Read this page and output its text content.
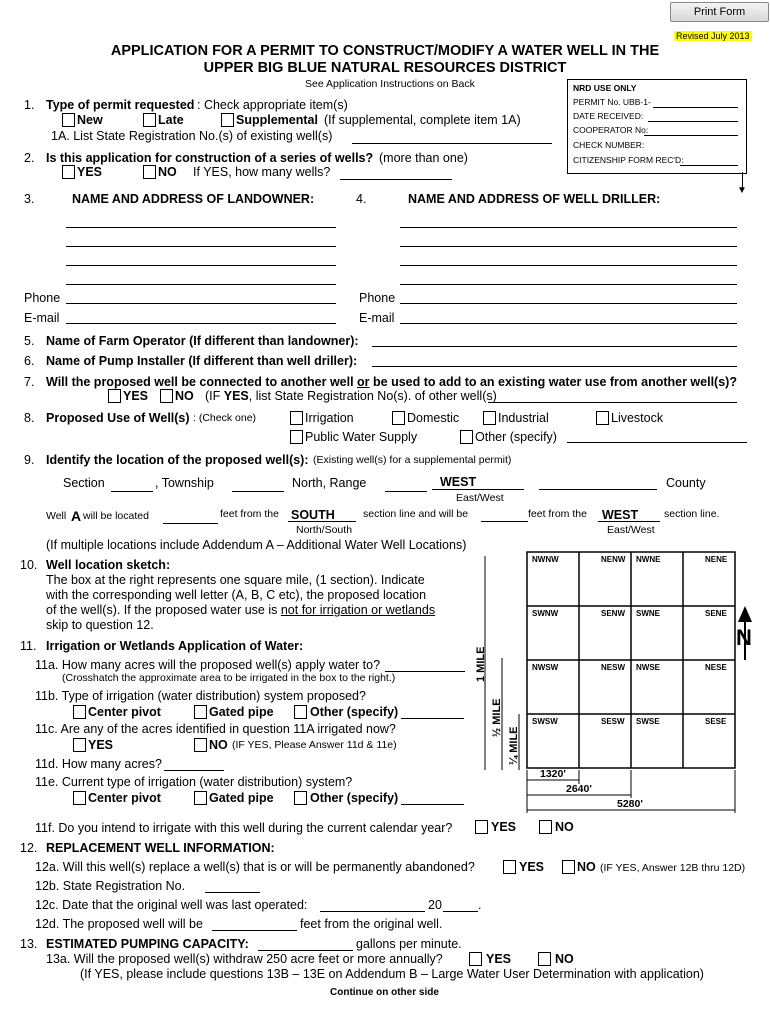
Print Form
Revised July 2013
APPLICATION FOR A PERMIT TO CONSTRUCT/MODIFY A WATER WELL IN THE
UPPER BIG BLUE NATURAL RESOURCES DISTRICT
See Application Instructions on Back	NRD USE ONLY
PERMIT No. UBB-1-
DATE RECEIVED:
COOPERATOR No:
CHECK NUMBER:
CITIZENSHIP FORM REC'D:
▼
1. Type of permit requested : Check appropriate item(s)
New	Late	Supplemental (If supplemental, complete item 1A)
1A. List State Registration No.(s) of existing well(s)
2. Is this application for construction of a series of wells? (more than one)
YES	NO If YES, how many wells?
3.	NAME AND ADDRESS OF LANDOWNER:	4.	NAME AND ADDRESS OF WELL DRILLER:
Phone
E-mail
Phone
E-mail
5. Name of Farm Operator (If different than landowner):
6. Name of Pump Installer (If different than well driller):
7. Will the proposed well be connected to another well or be used to add to an existing water use from another well(s)?
YES NO (IF YES, list State Registration No(s). of other well(s)
8. Proposed Use of Well(s) : (Check one)	Irrigation	Domestic	Industrial	Livestock
Public Water Supply	Other (specify)
9. Identify the location of the proposed well(s): (Existing well(s) for a supplemental permit)
Section	, Township	North, Range	WEST
East/West
County
Well A will be located	feet from the SOUTH
North/South
section line and will be	feet from the WEST
East/West
section line.
(If multiple locations include Addendum A – Additional Water Well Locations)
10. Well location sketch:
The box at the right represents one square mile, (1 section). Indicate
with the corresponding well letter (A, B, C etc), the proposed location
of the well(s). If the proposed water use is not for irrigation or wetlands
skip to question 12.
NWNW	NENW NWNE	NENE
SWNW	SENW SWNE	SENE
NWSW	NESW NWSE	NESE
SWSW	SESW SWSE	SESE
1 MILE
½ MILE
¼ MILE
1320'
2640'
5280'
N
11. Irrigation or Wetlands Application of Water:
11a. How many acres will the proposed well(s) apply water to?
(Crosshatch the approximate area to be irrigated in the box to the right.)
11b. Type of irrigation (water distribution) system proposed?
Center pivot	Gated pipe	Other (specify)
11c. Are any of the acres identified in question 11A irrigated now?
YES	NO (IF YES, Please Answer 11d & 11e)
11d. How many acres?
11e. Current type of irrigation (water distribution) system?
Center pivot	Gated pipe	Other (specify)
11f. Do you intend to irrigate with this well during the current calendar year?	YES	NO
12. REPLACEMENT WELL INFORMATION:
12a. Will this well(s) replace a well(s) that is or will be permanently abandoned?	YES	NO (IF YES, Answer 12B thru 12D)
12b. State Registration No.
12c. Date that the original well was last operated:	20	.
12d. The proposed well will be	feet from the original well.
13. ESTIMATED PUMPING CAPACITY:	gallons per minute.
13a. Will the proposed well(s) withdraw 250 acre feet or more annually?	YES	NO
(If YES, please include questions 13B – 13E on Addendum B – Large Water User Determination with application)
Continue on other side
